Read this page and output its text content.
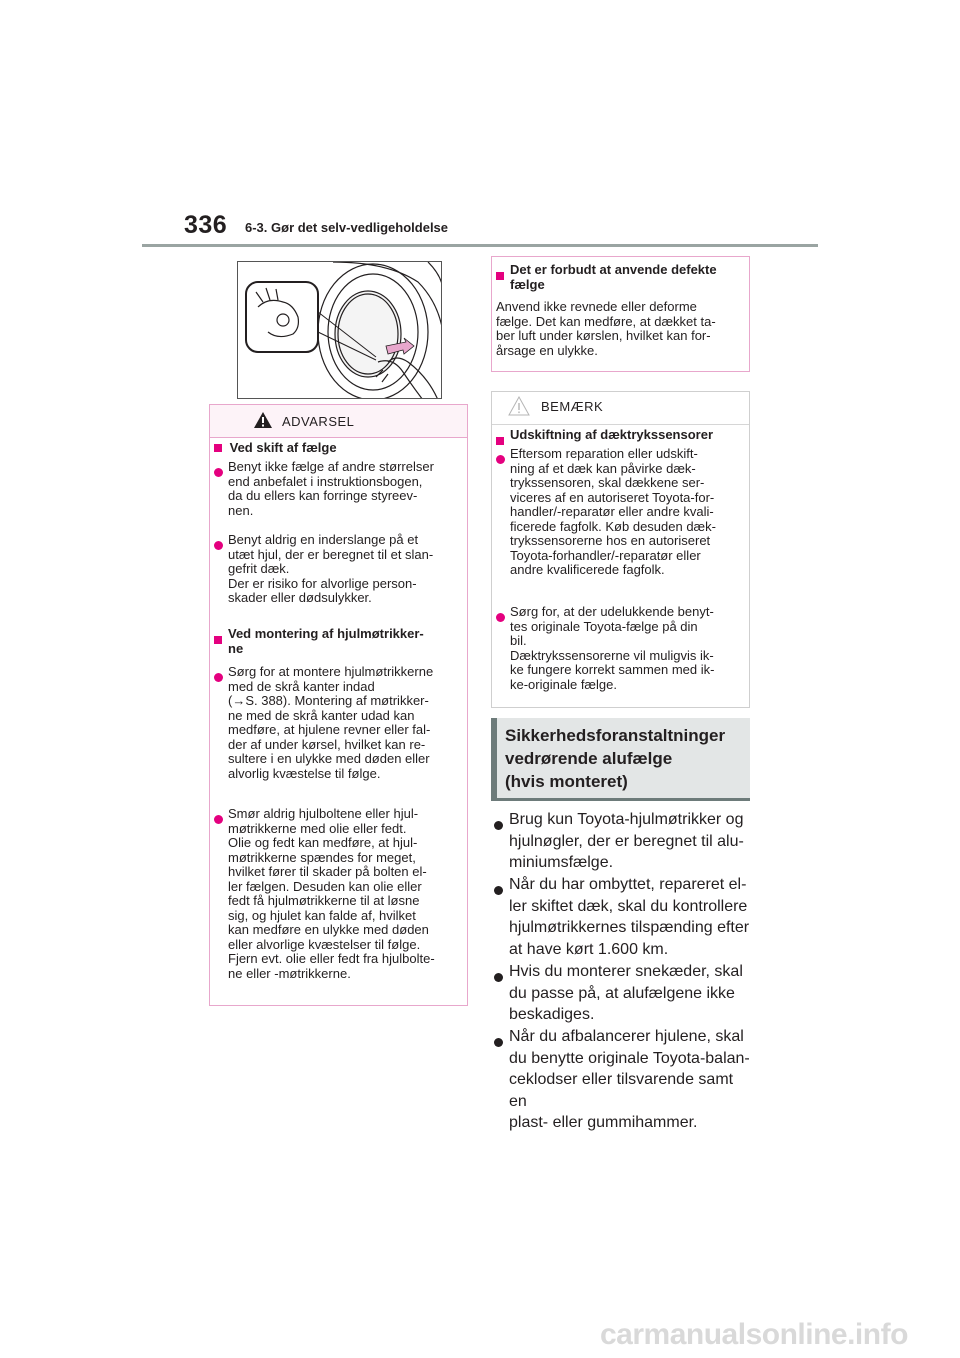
336 6-3. Gør det selv-vedligeholdelse
ADVARSEL
Ved skift af fælge
Benyt ikke fælge af andre størrelser
end anbefalet i instruktionsbogen,
da du ellers kan forringe styreev-
nen.
Benyt aldrig en inderslange på et
utæt hjul, der er beregnet til et slan-
gefrit dæk.
Der er risiko for alvorlige person-
skader eller dødsulykker.
Ved montering af hjulmøtrikker-
ne
Sørg for at montere hjulmøtrikkerne
med de skrå kanter indad
(→S. 388). Montering af møtrikker-
ne med de skrå kanter udad kan
medføre, at hjulene revner eller fal-
der af under kørsel, hvilket kan re-
sultere i en ulykke med døden eller
alvorlig kvæstelse til følge.
Smør aldrig hjulboltene eller hjul-
møtrikkerne med olie eller fedt.
Olie og fedt kan medføre, at hjul-
møtrikkerne spændes for meget,
hvilket fører til skader på bolten el-
ler fælgen. Desuden kan olie eller
fedt få hjulmøtrikkerne til at løsne
sig, og hjulet kan falde af, hvilket
kan medføre en ulykke med døden
eller alvorlige kvæstelser til følge.
Fjern evt. olie eller fedt fra hjulbolte-
ne eller -møtrikkerne.
Det er forbudt at anvende defekte
fælge
Anvend ikke revnede eller deforme
fælge. Det kan medføre, at dækket ta-
ber luft under kørslen, hvilket kan for-
årsage en ulykke.
BEMÆRK
Udskiftning af dæktrykssensorer
Eftersom reparation eller udskift-
ning af et dæk kan påvirke dæk-
trykssensoren, skal dækkene ser-
viceres af en autoriseret Toyota-for-
handler/-reparatør eller andre kvali-
ficerede fagfolk. Køb desuden dæk-
trykssensorerne hos en autoriseret
Toyota-forhandler/-reparatør eller
andre kvalificerede fagfolk.
Sørg for, at der udelukkende benyt-
tes originale Toyota-fælge på din
bil.
Dæktrykssensorerne vil muligvis ik-
ke fungere korrekt sammen med ik-
ke-originale fælge.
Sikkerhedsforanstaltninger
vedrørende alufælge
(hvis monteret)
Brug kun Toyota-hjulmøtrikker og
hjulnøgler, der er beregnet til alu-
miniumsfælge.
Når du har ombyttet, repareret el-
ler skiftet dæk, skal du kontrollere
hjulmøtrikkernes tilspænding efter
at have kørt 1.600 km.
Hvis du monterer snekæder, skal
du passe på, at alufælgene ikke
beskadiges.
Når du afbalancerer hjulene, skal
du benytte originale Toyota-balan-
ceklodser eller tilsvarende samt en
plast- eller gummihammer.
carmanualsonline.info
